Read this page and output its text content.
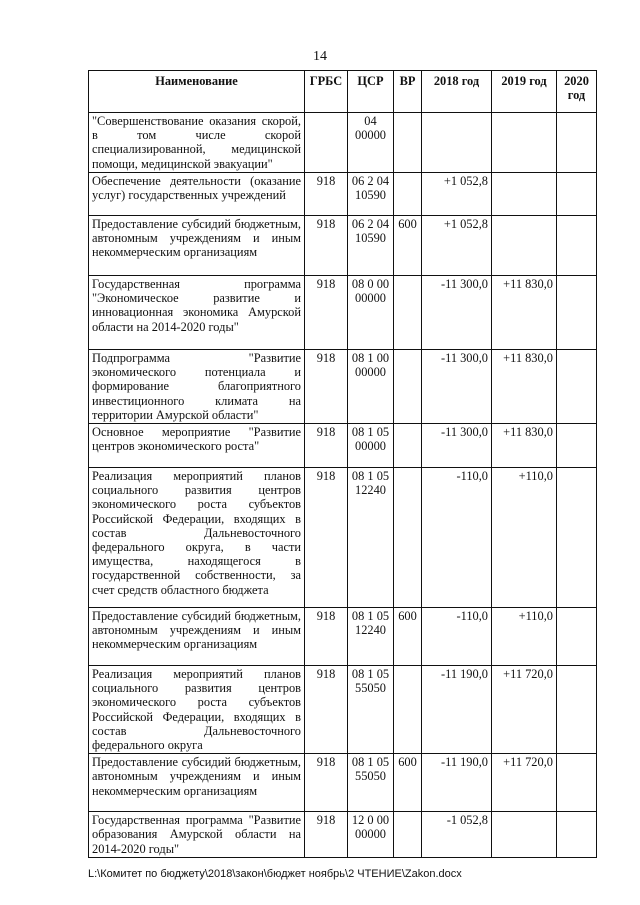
14
Наименование	ГРБС	ЦСР	ВР	2018 год	2019 год	2020 год
"Совершенствование оказания скорой, в том числе скорой специализированной, медицинской помощи, медицинской эвакуации"		04 00000				
Обеспечение деятельности (оказание услуг) государственных учреждений	918	06 2 04 10590		+1 052,8		
Предоставление субсидий бюджетным, автономным учреждениям и иным некоммерческим организациям	918	06 2 04 10590	600	+1 052,8		
Государственная программа "Экономическое развитие и инновационная экономика Амурской области на 2014-2020 годы"	918	08 0 00 00000		-11 300,0	+11 830,0	
Подпрограмма "Развитие экономического потенциала и формирование благоприятного инвестиционного климата на территории Амурской области"	918	08 1 00 00000		-11 300,0	+11 830,0	
Основное мероприятие "Развитие центров экономического роста"	918	08 1 05 00000		-11 300,0	+11 830,0	
Реализация мероприятий планов социального развития центров экономического роста субъектов Российской Федерации, входящих в состав Дальневосточного федерального округа, в части имущества, находящегося в государственной собственности, за счет средств областного бюджета	918	08 1 05 12240		-110,0	+110,0	
Предоставление субсидий бюджетным, автономным учреждениям и иным некоммерческим организациям	918	08 1 05 12240	600	-110,0	+110,0	
Реализация мероприятий планов социального развития центров экономического роста субъектов Российской Федерации, входящих в состав Дальневосточного федерального округа	918	08 1 05 55050		-11 190,0	+11 720,0	
Предоставление субсидий бюджетным, автономным учреждениям и иным некоммерческим организациям	918	08 1 05 55050	600	-11 190,0	+11 720,0	
Государственная программа "Развитие образования Амурской области на 2014-2020 годы"	918	12 0 00 00000		-1 052,8		
L:\Комитет по бюджету\2018\закон\бюджет ноябрь\2 ЧТЕНИЕ\Zakon.docx
